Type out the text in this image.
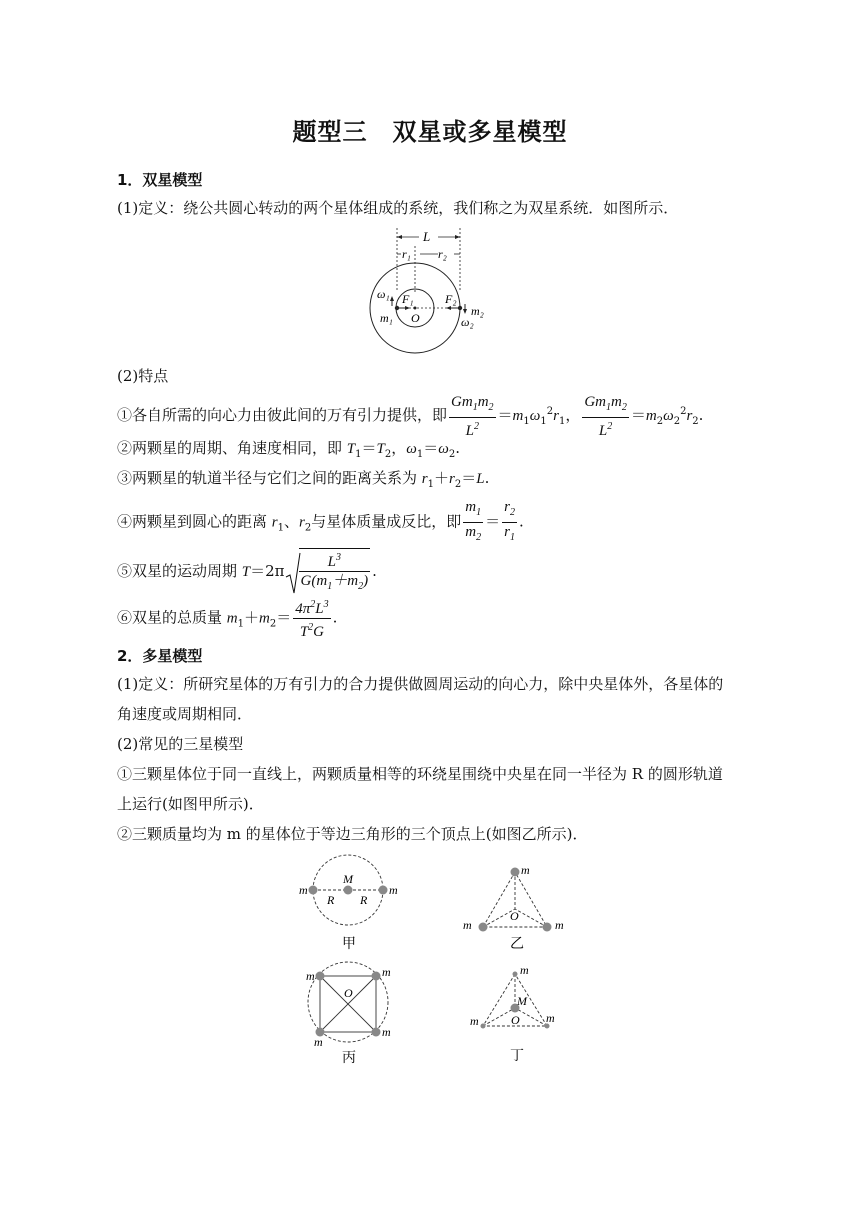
题型三　双星或多星模型
1．双星模型
(1)定义：绕公共圆心转动的两个星体组成的系统，我们称之为双星系统．如图所示．
L
r₁ r₂
F₁	F₂
O
m₁	m₂
ω₁
ω₂
(2)特点
①各自所需的向心力由彼此间的万有引力提供，即 $\frac{Gm_1m_2}{L^2} =m_1\omega_1^2r_1$， $\frac{Gm_1m_2}{L^2} =m_2\omega_2^2r_2$.
②两颗星的周期、角速度相同，即 $T_1=T_2$，$\omega_1=\omega_2$.
③两颗星的轨道半径与它们之间的距离关系为 $r_1+r_2=L$.
④两颗星到圆心的距离 $r_1$、$r_2$与星体质量成反比，即 $\frac{m_1}{m_2} = \frac{r_2}{r_1}$ .
⑤双星的运动周期 $T=2\pi \frac{L^3}{G(m_1+m_2)}$ .
⑥双星的总质量 $m_1+m_2= \frac{4\pi^2L^3}{T^2G}$ .
2．多星模型
(1)定义：所研究星体的万有引力的合力提供做圆周运动的向心力，除中央星体外，各星体的
角速度或周期相同．
(2)常见的三星模型
①三颗星体位于同一直线上，两颗质量相等的环绕星围绕中央星在同一半径为 R 的圆形轨道
上运行(如图甲所示)．
②三颗质量均为 m 的星体位于等边三角形的三个顶点上(如图乙所示)．
m	m
M
R R
甲
m
m	m
O
乙
m	m
m
m
O
丙
m
m	m
M
O
丁
